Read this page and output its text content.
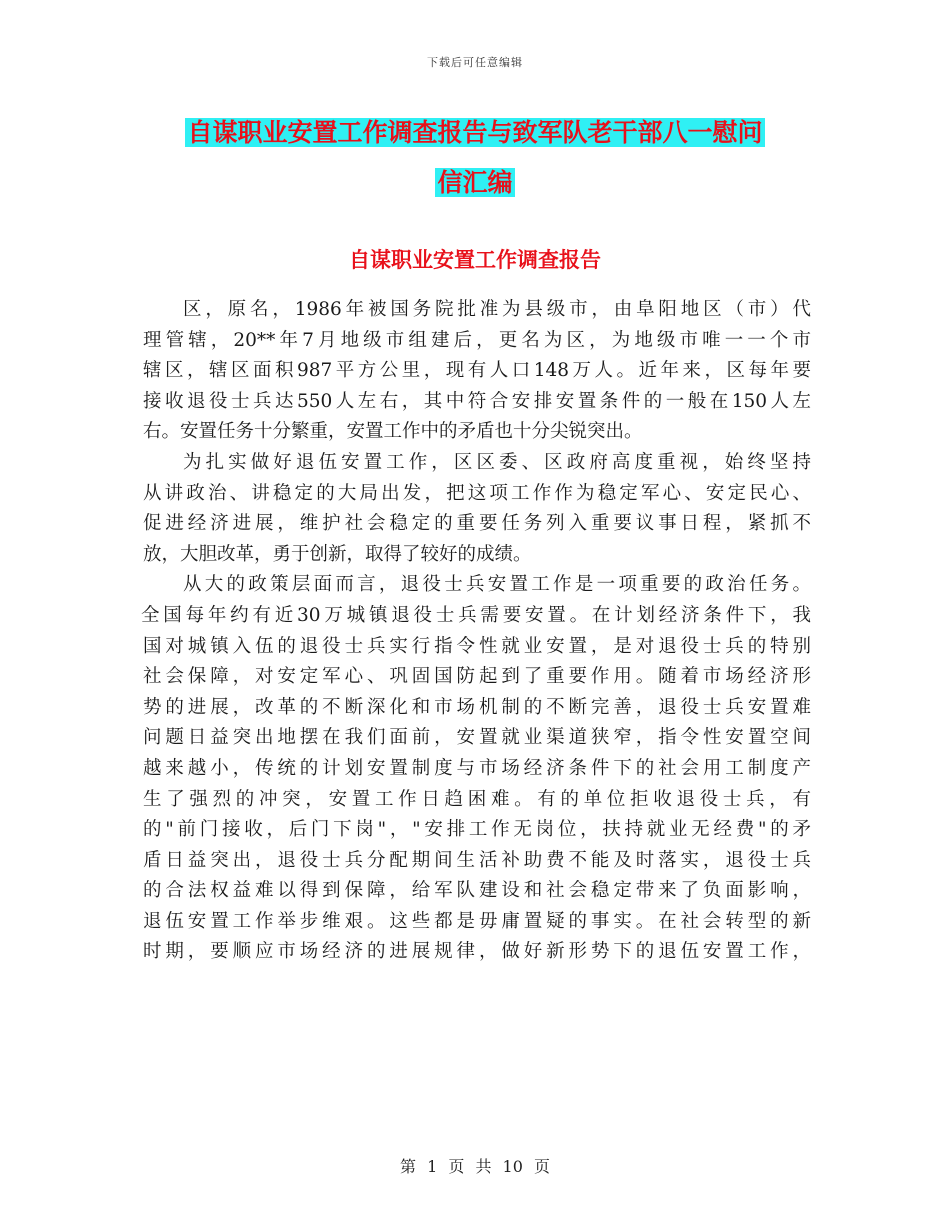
下载后可任意编辑
自谋职业安置工作调查报告与致军队老干部八一慰问
信汇编
自谋职业安置工作调查报告
区，原名，1986年被国务院批准为县级市，由阜阳地区（市）代
理管辖，20**年7月地级市组建后，更名为区，为地级市唯一一个市
辖区，辖区面积987平方公里，现有人口148万人。近年来，区每年要
接收退役士兵达550人左右，其中符合安排安置条件的一般在150人左
右。安置任务十分繁重，安置工作中的矛盾也十分尖锐突出。
为扎实做好退伍安置工作，区区委、区政府高度重视，始终坚持
从讲政治、讲稳定的大局出发，把这项工作作为稳定军心、安定民心、
促进经济进展，维护社会稳定的重要任务列入重要议事日程，紧抓不
放，大胆改革，勇于创新，取得了较好的成绩。
从大的政策层面而言，退役士兵安置工作是一项重要的政治任务。
全国每年约有近30万城镇退役士兵需要安置。在计划经济条件下，我
国对城镇入伍的退役士兵实行指令性就业安置，是对退役士兵的特别
社会保障，对安定军心、巩固国防起到了重要作用。随着市场经济形
势的进展，改革的不断深化和市场机制的不断完善，退役士兵安置难
问题日益突出地摆在我们面前，安置就业渠道狭窄，指令性安置空间
越来越小，传统的计划安置制度与市场经济条件下的社会用工制度产
生了强烈的冲突，安置工作日趋困难。有的单位拒收退役士兵，有
的"前门接收，后门下岗"，"安排工作无岗位，扶持就业无经费"的矛
盾日益突出，退役士兵分配期间生活补助费不能及时落实，退役士兵
的合法权益难以得到保障，给军队建设和社会稳定带来了负面影响，
退伍安置工作举步维艰。这些都是毋庸置疑的事实。在社会转型的新
时期，要顺应市场经济的进展规律，做好新形势下的退伍安置工作，
第 1 页 共 10 页
